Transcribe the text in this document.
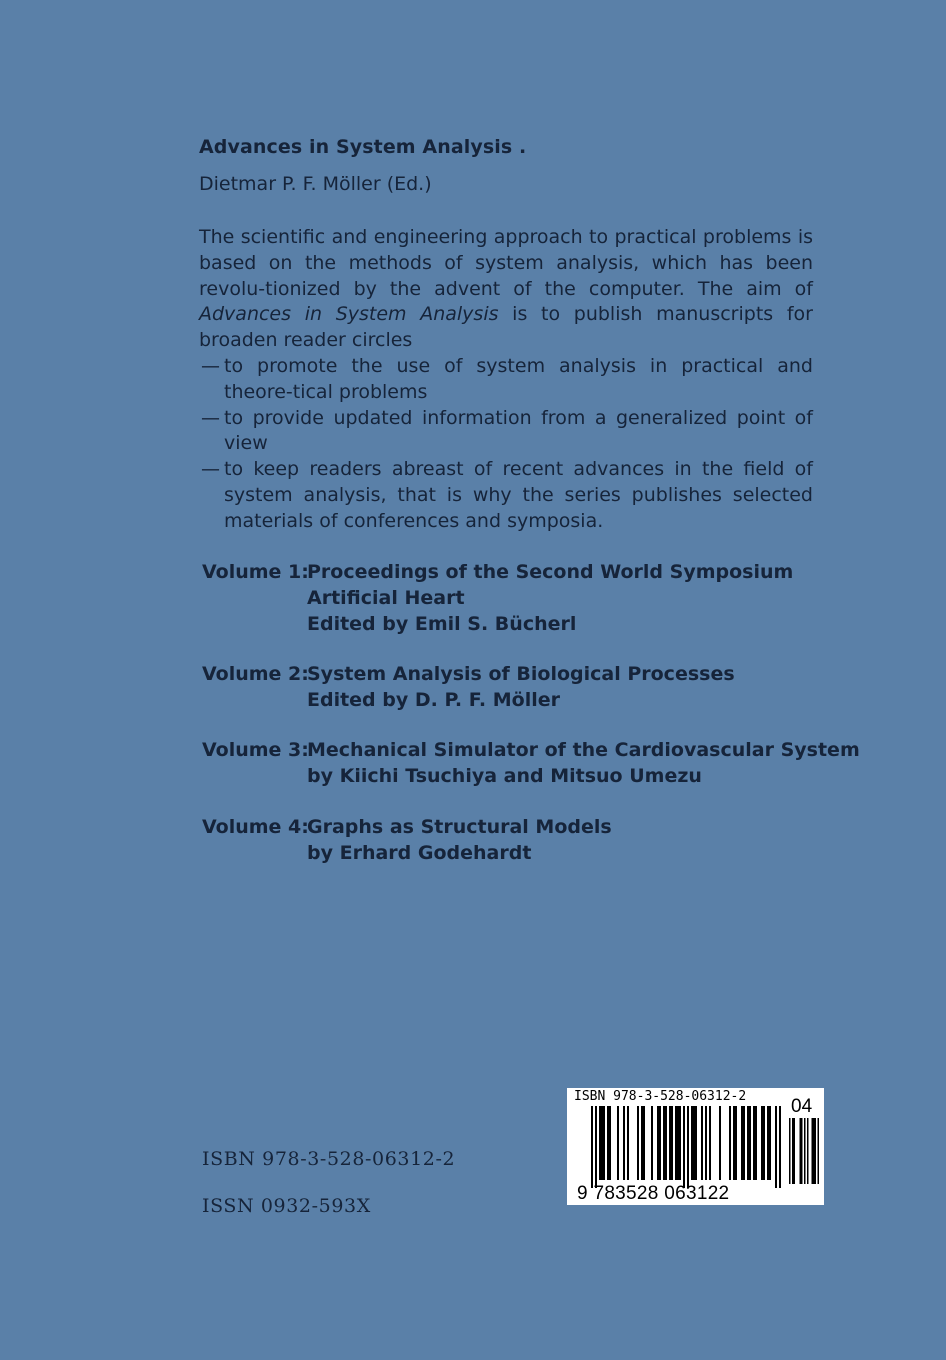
Advances in System Analysis .
Dietmar P. F. Möller (Ed.)

The scientific and engineering approach to practical problems is based on the methods of system analysis, which has been revolu-tionized by the advent of the computer. The aim of Advances in System Analysis is to publish manuscripts for broaden reader circles

— to promote the use of system analysis in practical and theore-tical problems
— to provide updated information from a generalized point of view
— to keep readers abreast of recent advances in the field of system analysis, that is why the series publishes selected materials of conferences and symposia.
Volume 1:
Proceedings of the Second World Symposium
Artificial Heart
Edited by Emil S. Bücherl
Volume 2:
System Analysis of Biological Processes
Edited by D. P. F. Möller
Volume 3:
Mechanical Simulator of the Cardiovascular System
by Kiichi Tsuchiya and Mitsuo Umezu
Volume 4:
Graphs as Structural Models
by Erhard Godehardt
ISBN 978-3-528-06312-2
ISSN 0932-593X
ISBN 978-3-528-06312-2 04
9 783528 063122
